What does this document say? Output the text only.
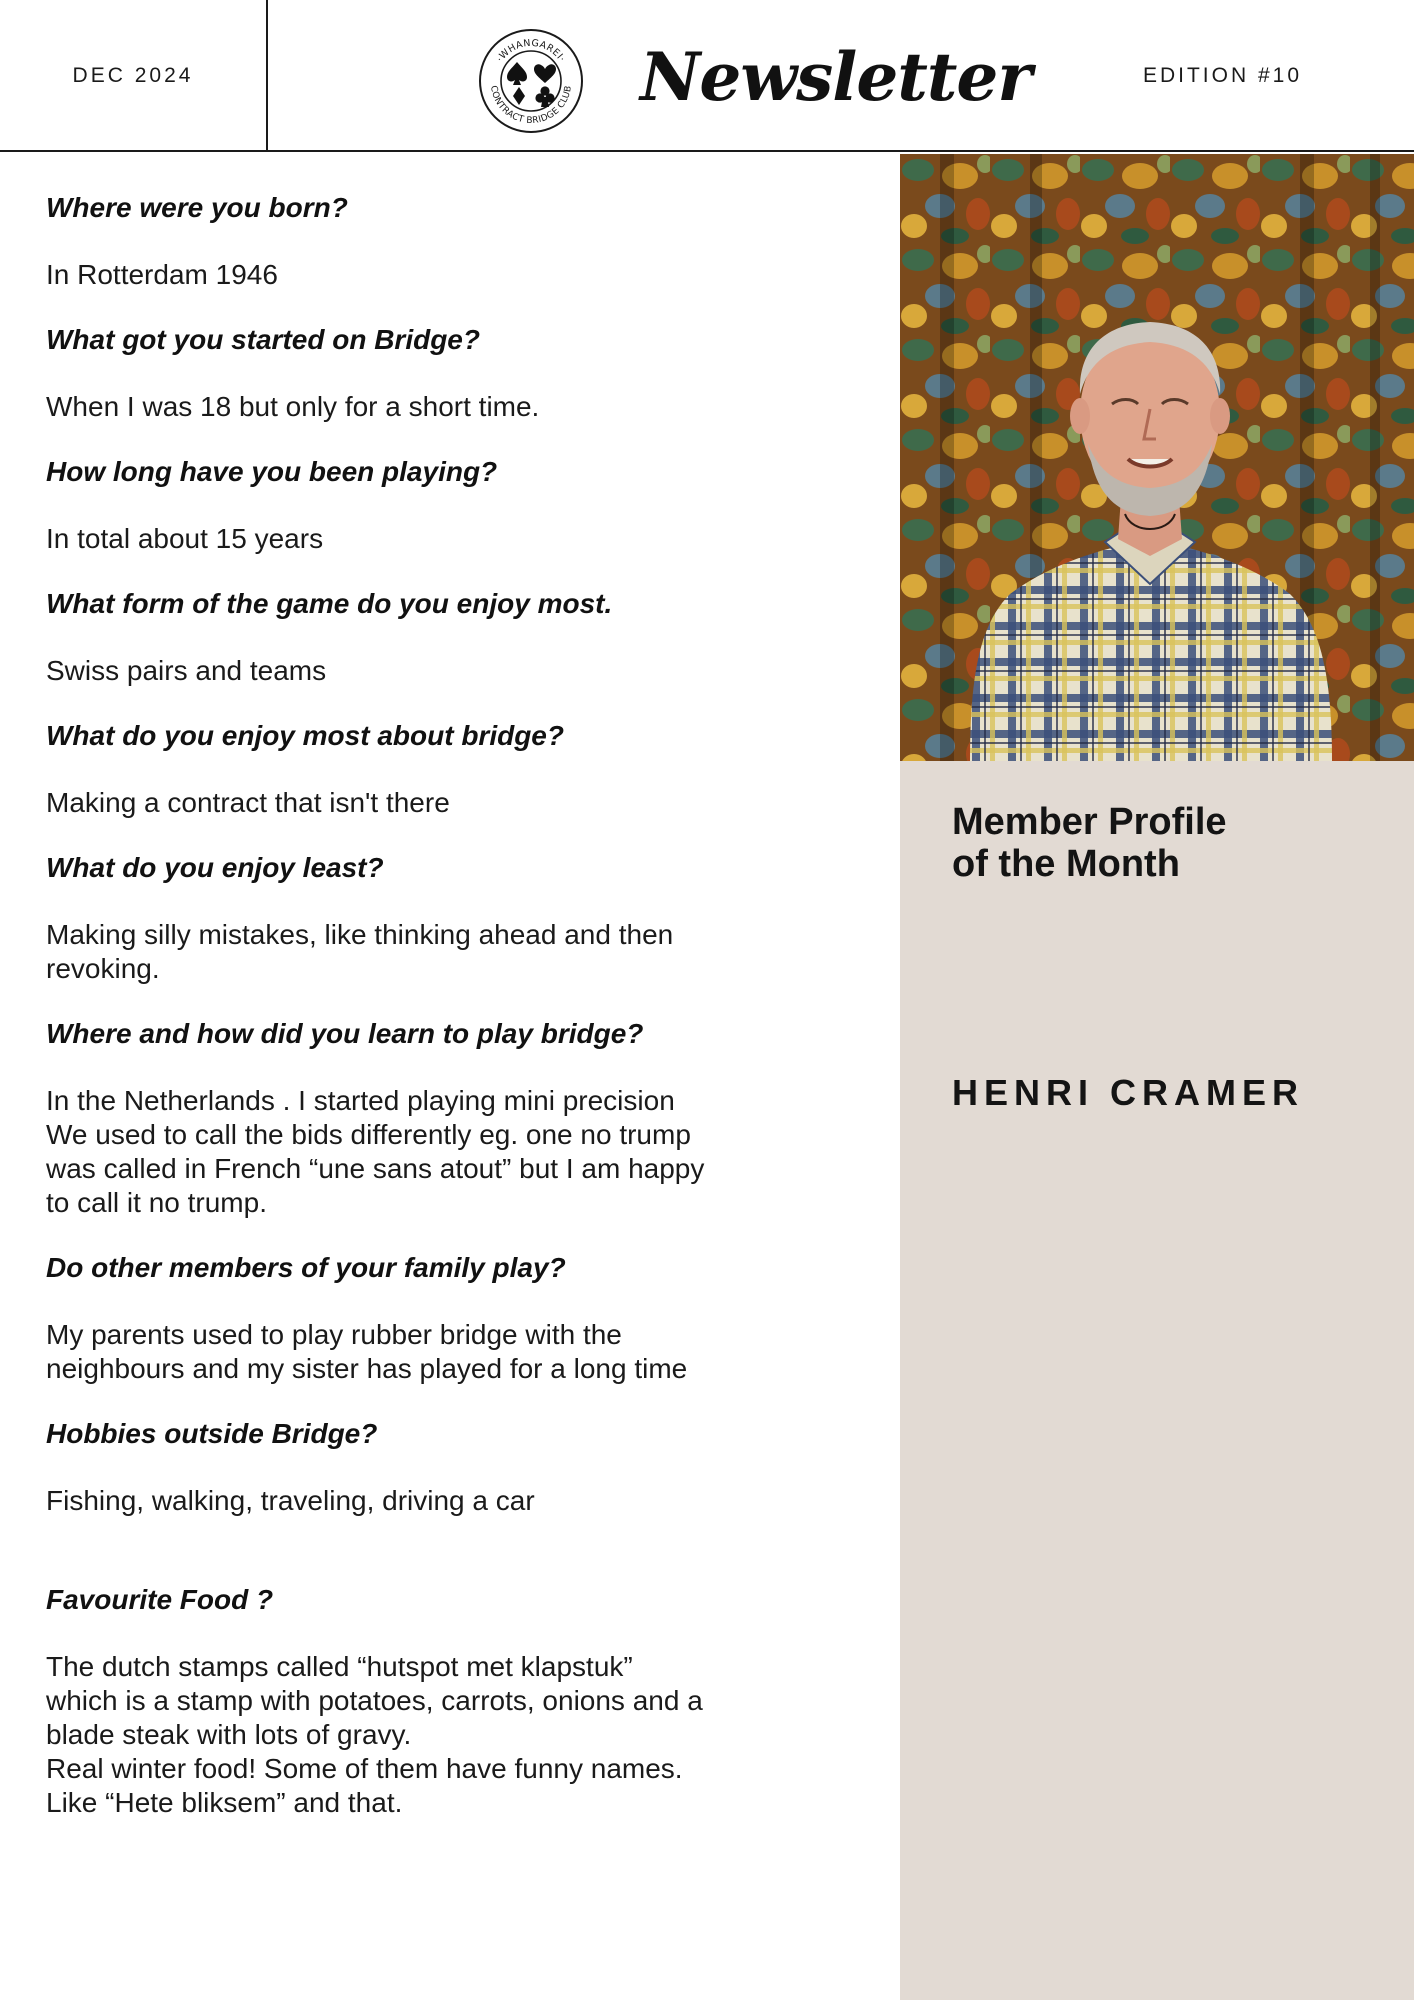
DEC 2024
·WHANGAREI·
CONTRACT BRIDGE CLUB Newsletter	EDITION #10

Where were you born?

In Rotterdam 1946

What got you started on Bridge?

When I was 18 but only for a short time.

How long have you been playing?

In total about 15 years

What form of the game do you enjoy most.

Swiss pairs and teams

What do you enjoy most about bridge?

Making a contract that isn't there

What do you enjoy least?

Making silly mistakes, like thinking ahead and then
revoking.

Where and how did you learn to play bridge?

In the Netherlands . I started playing mini precision
We used to call the bids differently eg. one no trump
was called in French “une sans atout” but I am happy
to call it no trump.

Do other members of your family play?

My parents used to play rubber bridge with the
neighbours and my sister has played for a long time

Hobbies outside Bridge?

Fishing, walking, traveling, driving a car

Favourite Food ?

The dutch stamps called “hutspot met klapstuk”
which is a stamp with potatoes, carrots, onions and a
blade steak with lots of gravy.
Real winter food! Some of them have funny names.
Like “Hete bliksem” and that.

Member Profile
of the Month
HENRI CRAMER
